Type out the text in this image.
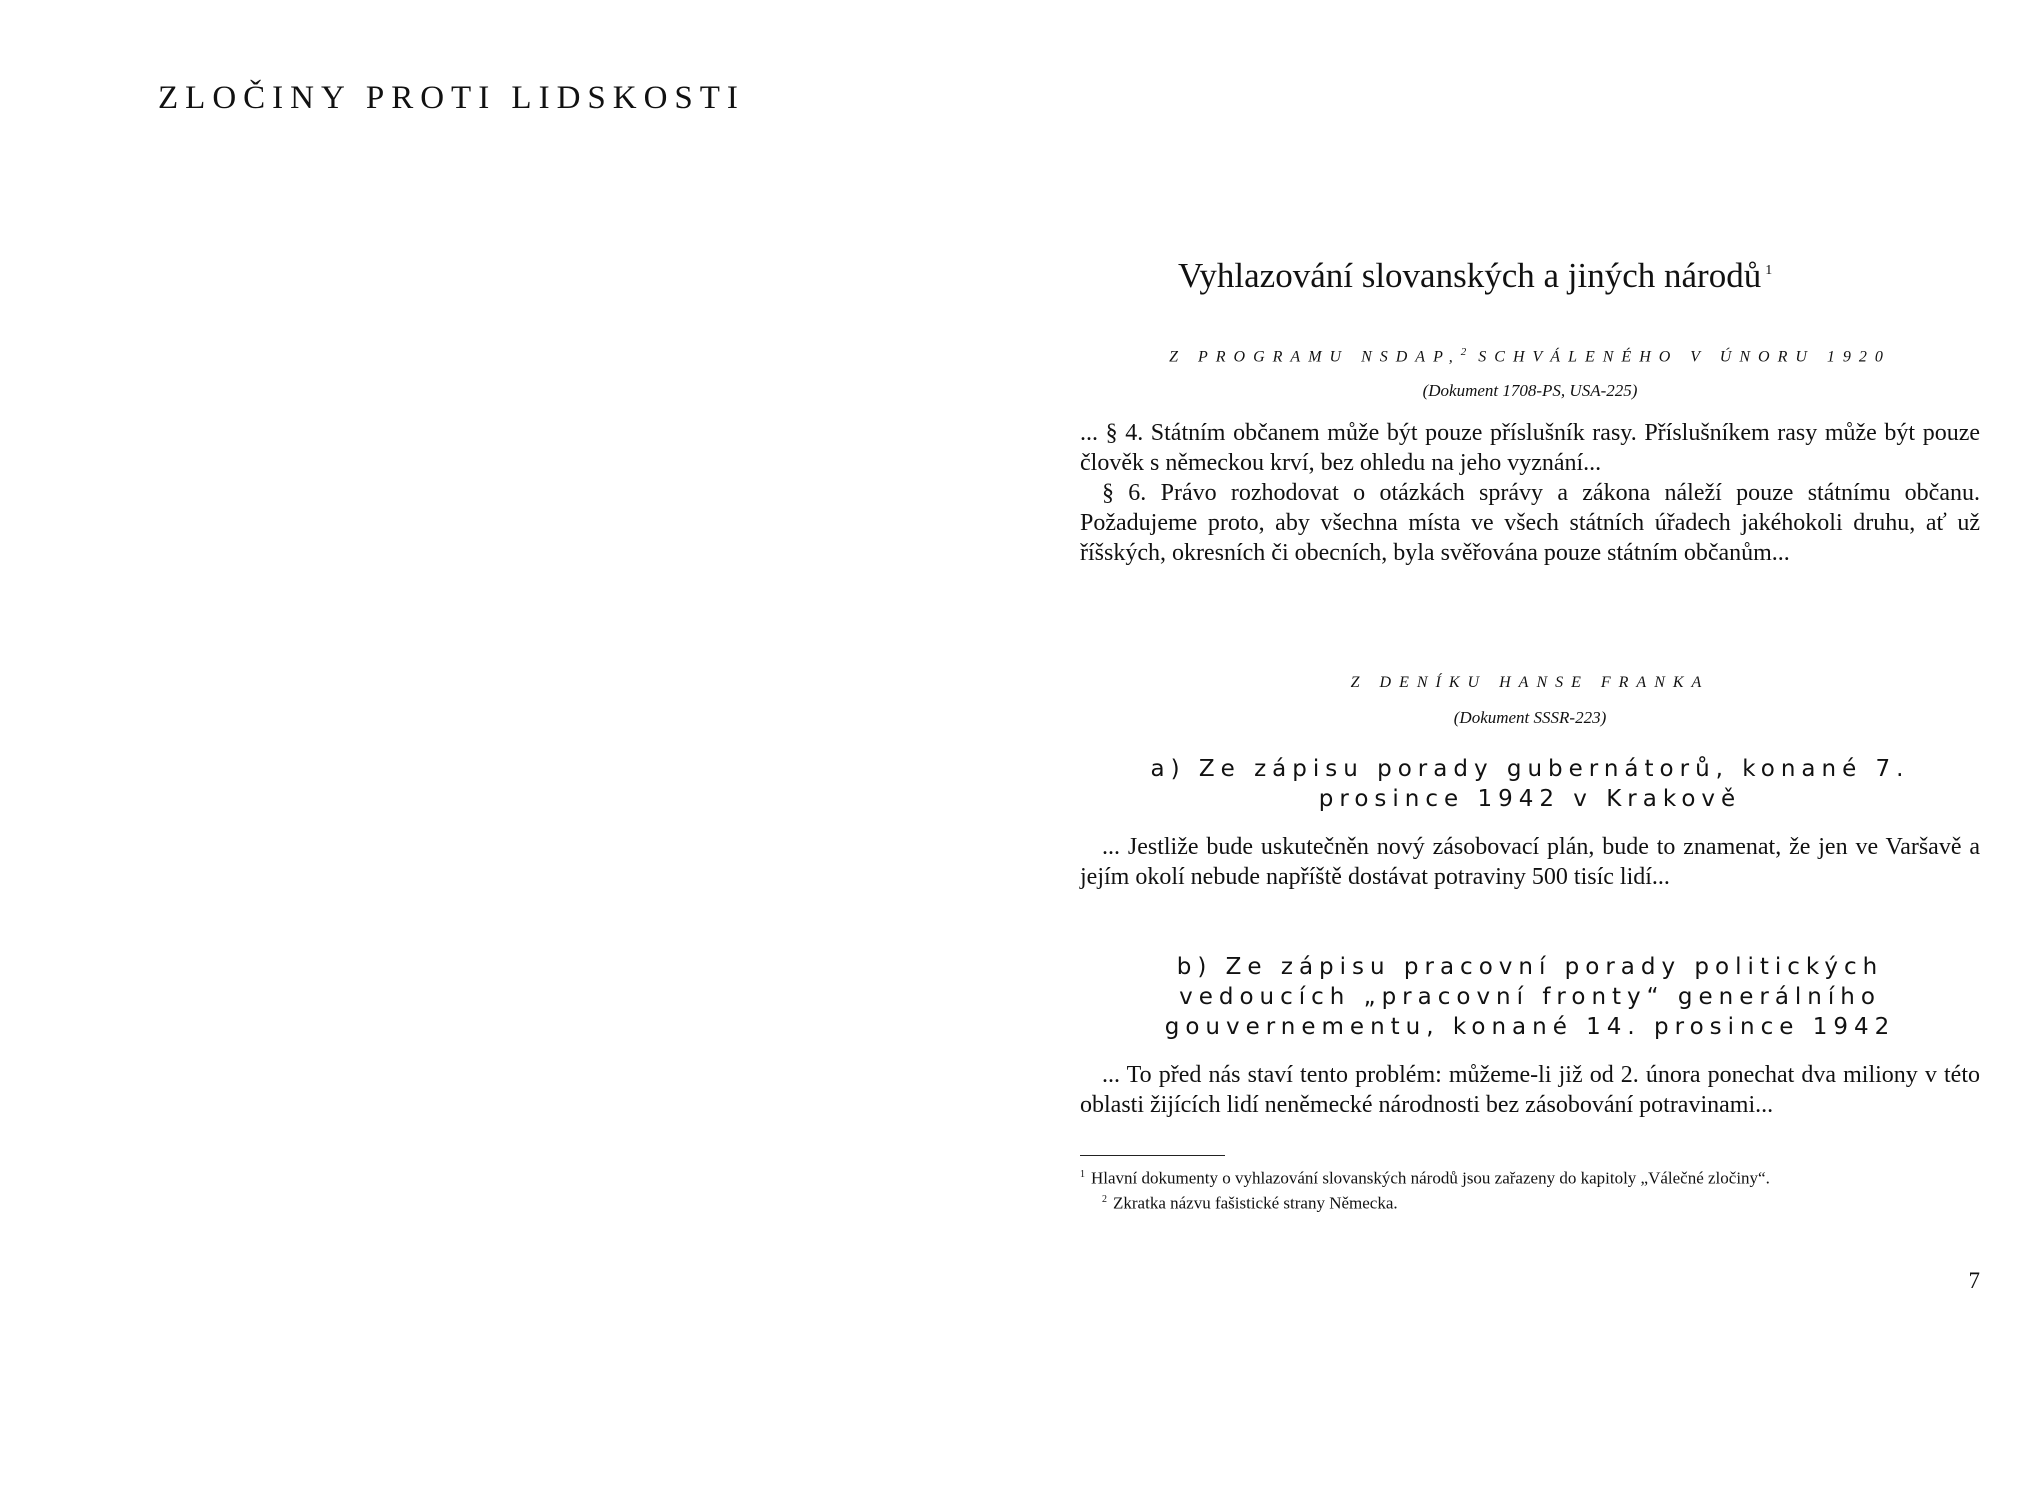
ZLOČINY PROTI LIDSKOSTI
Vyhlazování slovanských a jiných národů $^1$
Z PROGRAMU NSDAP,$^2$ SCHVÁLENÉHO V ÚNORU 1920
(Dokument 1708-PS, USA-225)

... § 4. Státním občanem může být pouze příslušník rasy. Příslušníkem rasy může být pouze člověk s německou krví, bez ohledu na jeho vyznání...

§ 6. Právo rozhodovat o otázkách správy a zákona náleží pouze státnímu občanu. Požadujeme proto, aby všechna místa ve všech státních úřadech jakéhokoli druhu, ať už říšských, okresních či obecních, byla svěřována pouze státním občanům...

Z DENÍKU HANSE FRANKA
(Dokument SSSR-223)

a) Ze zápisu porady gubernátorů, konané 7. prosince 1942 v Krakově

... Jestliže bude uskutečněn nový zásobovací plán, bude to znamenat, že jen ve Varšavě a jejím okolí nebude napříště dostávat potraviny 500 tisíc lidí...

b) Ze zápisu pracovní porady politických vedoucích „pracovní fronty“ generálního gouvernementu, konané 14. prosince 1942

... To před nás staví tento problém: můžeme-li již od 2. února ponechat dva miliony v této oblasti žijících lidí neněmecké národnosti bez zásobování potravinami...

$^1$ Hlavní dokumenty o vyhlazování slovanských národů jsou zařazeny do kapitoly „Válečné zločiny“.

$^2$ Zkratka názvu fašistické strany Německa.

7
